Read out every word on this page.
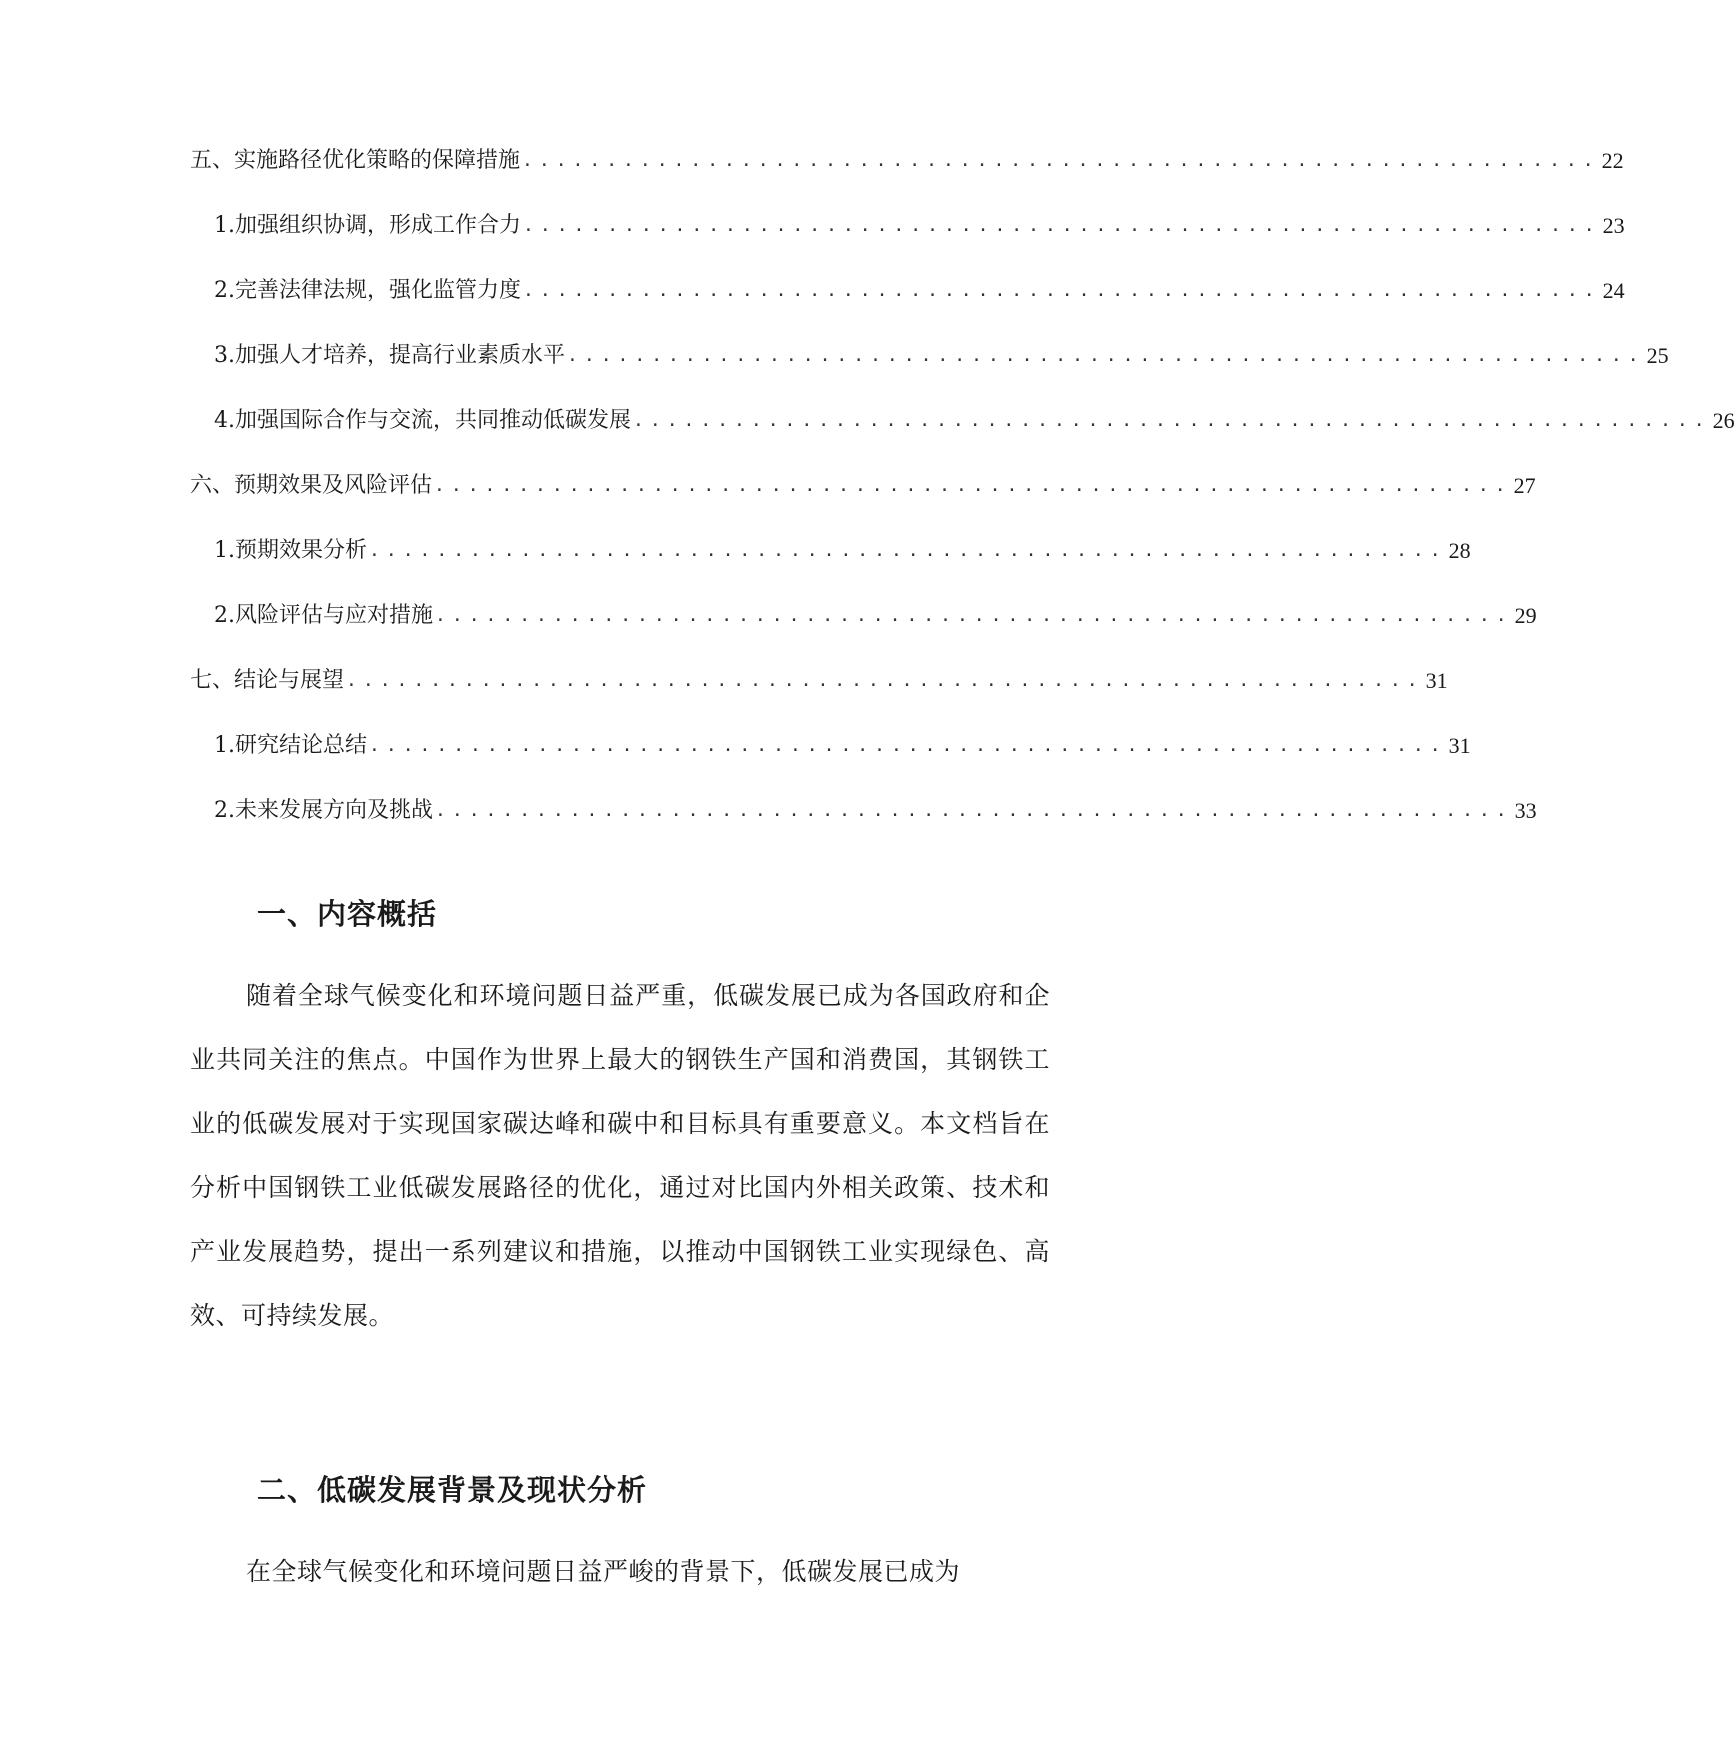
五、实施路径优化策略的保障措施 ................................................................ 22
1. 加强组织协调，形成工作合力 ................................................................ 23
2. 完善法律法规，强化监管力度 ................................................................ 24
3. 加强人才培养，提高行业素质水平 ................................................................ 25
4. 加强国际合作与交流，共同推动低碳发展 ................................................................ 26
六、预期效果及风险评估 ................................................................ 27
1. 预期效果分析 ................................................................ 28
2. 风险评估与应对措施 ................................................................ 29
七、结论与展望 ................................................................ 31
1. 研究结论总结 ................................................................ 31
2. 未来发展方向及挑战 ................................................................ 33
一、内容概括

随着全球气候变化和环境问题日益严重，低碳发展已成为各国政府和企业共同关注的焦点。中国作为世界上最大的钢铁生产国和消费国，其钢铁工业的低碳发展对于实现国家碳达峰和碳中和目标具有重要意义。本文档旨在分析中国钢铁工业低碳发展路径的优化，通过对比国内外相关政策、技术和产业发展趋势，提出一系列建议和措施，以推动中国钢铁工业实现绿色、高效、可持续发展。

二、低碳发展背景及现状分析

在全球气候变化和环境问题日益严峻的背景下，低碳发展已成为
